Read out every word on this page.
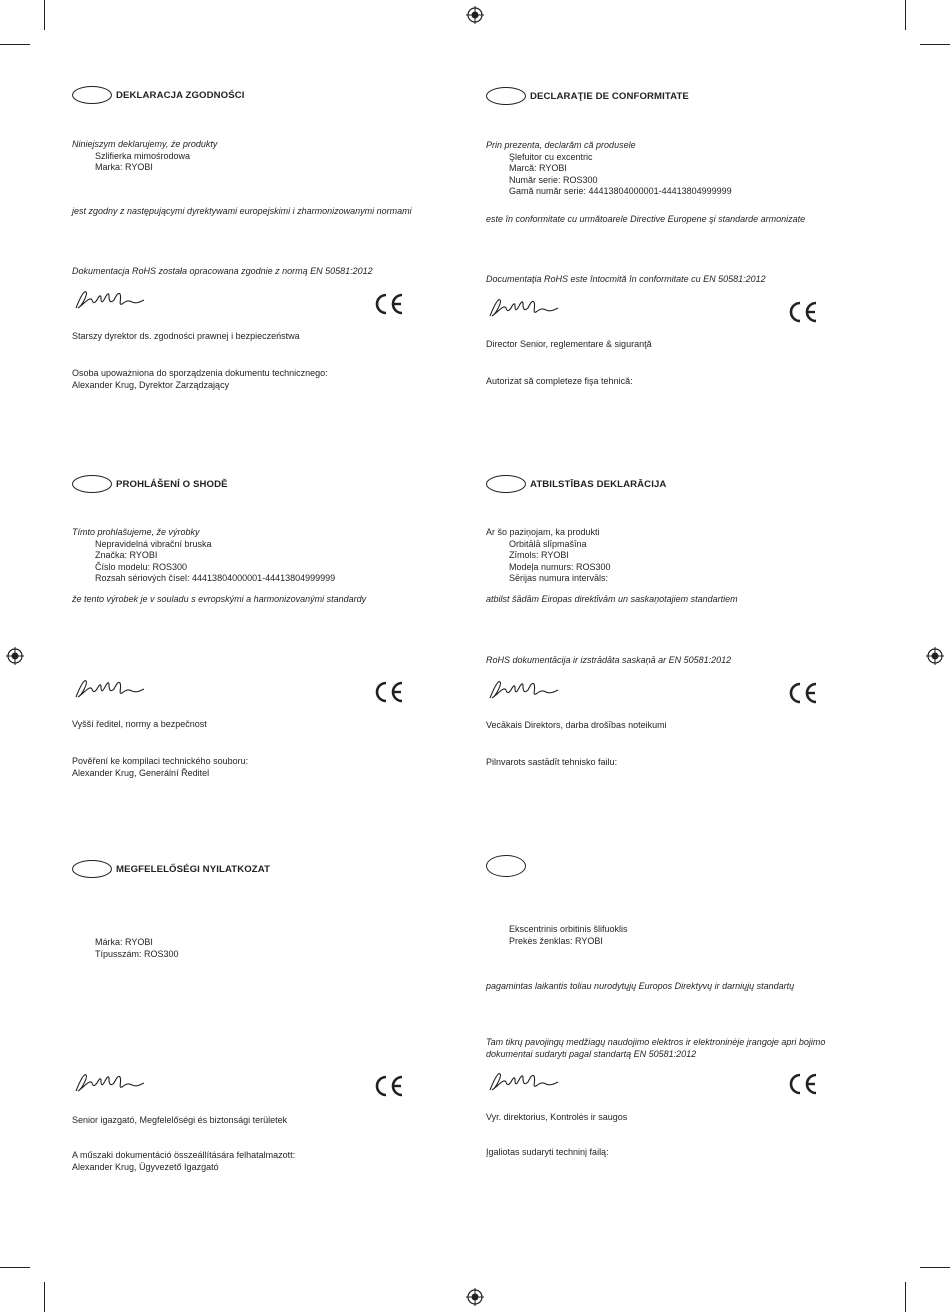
DEKLARACJA ZGODNOŚCI
Niniejszym deklarujemy, że produkty
Szlifierka mimośrodowa
Marka: RYOBI
jest zgodny z następującymi dyrektywami europejskimi i zharmonizowanymi normami
Dokumentacja RoHS została opracowana zgodnie z normą EN 50581:2012
Starszy dyrektor ds. zgodności prawnej i bezpieczeństwa
Osoba upoważniona do sporządzenia dokumentu technicznego:
Alexander Krug, Dyrektor Zarządzający
DECLARAŢIE DE CONFORMITATE
Prin prezenta, declarăm că produsele
Şlefuitor cu excentric
Marcă: RYOBI
Număr serie: ROS300
Gamă număr serie: 44413804000001-44413804999999
este în conformitate cu următoarele Directive Europene şi standarde armonizate
Documentaţia RoHS este întocmită în conformitate cu EN 50581:2012
Director Senior, reglementare & siguranţă
Autorizat să completeze fişa tehnică:
PROHLÁŠENÍ O SHODĚ
Tímto prohlašujeme, že výrobky
Nepravidelná vibrační bruska
Značka: RYOBI
Číslo modelu: ROS300
Rozsah sériových čísel: 44413804000001-44413804999999
že tento výrobek je v souladu s evropskými a harmonizovanými standardy
Vyšší ředitel, normy a bezpečnost
Pověření ke kompilaci technického souboru:
Alexander Krug, Generální Ředitel
ATBILSTĪBAS DEKLARĀCIJA
Ar šo paziņojam, ka produkti
Orbitālā slīpmašīna
Zīmols: RYOBI
Modeļa numurs: ROS300
Sērijas numura intervāls:
atbilst šādām Eiropas direktīvām un saskaņotajiem standartiem
RoHS dokumentācija ir izstrādāta saskaņā ar EN 50581:2012
Vecākais Direktors, darba drošības noteikumi
Pilnvarots sastādīt tehnisko failu:
MEGFELELŐSÉGI NYILATKOZAT
Márka: RYOBI
Típusszám: ROS300
Senior igazgató, Megfelelőségi és biztonsági területek
A műszaki dokumentáció összeállítására felhatalmazott:
Alexander Krug, Ügyvezető Igazgató
Ekscentrinis orbitinis šlifuoklis
Prekės ženklas: RYOBI
pagamintas laikantis toliau nurodytųjų Europos Direktyvų ir darniųjų standartų
Tam tikrų pavojingų medžiagų naudojimo elektros ir elektroninėje įrangoje apri bojimo
dokumentai sudaryti pagal standartą EN 50581:2012
Vyr. direktorius, Kontrolės ir saugos
Įgaliotas sudaryti techninį failą:
